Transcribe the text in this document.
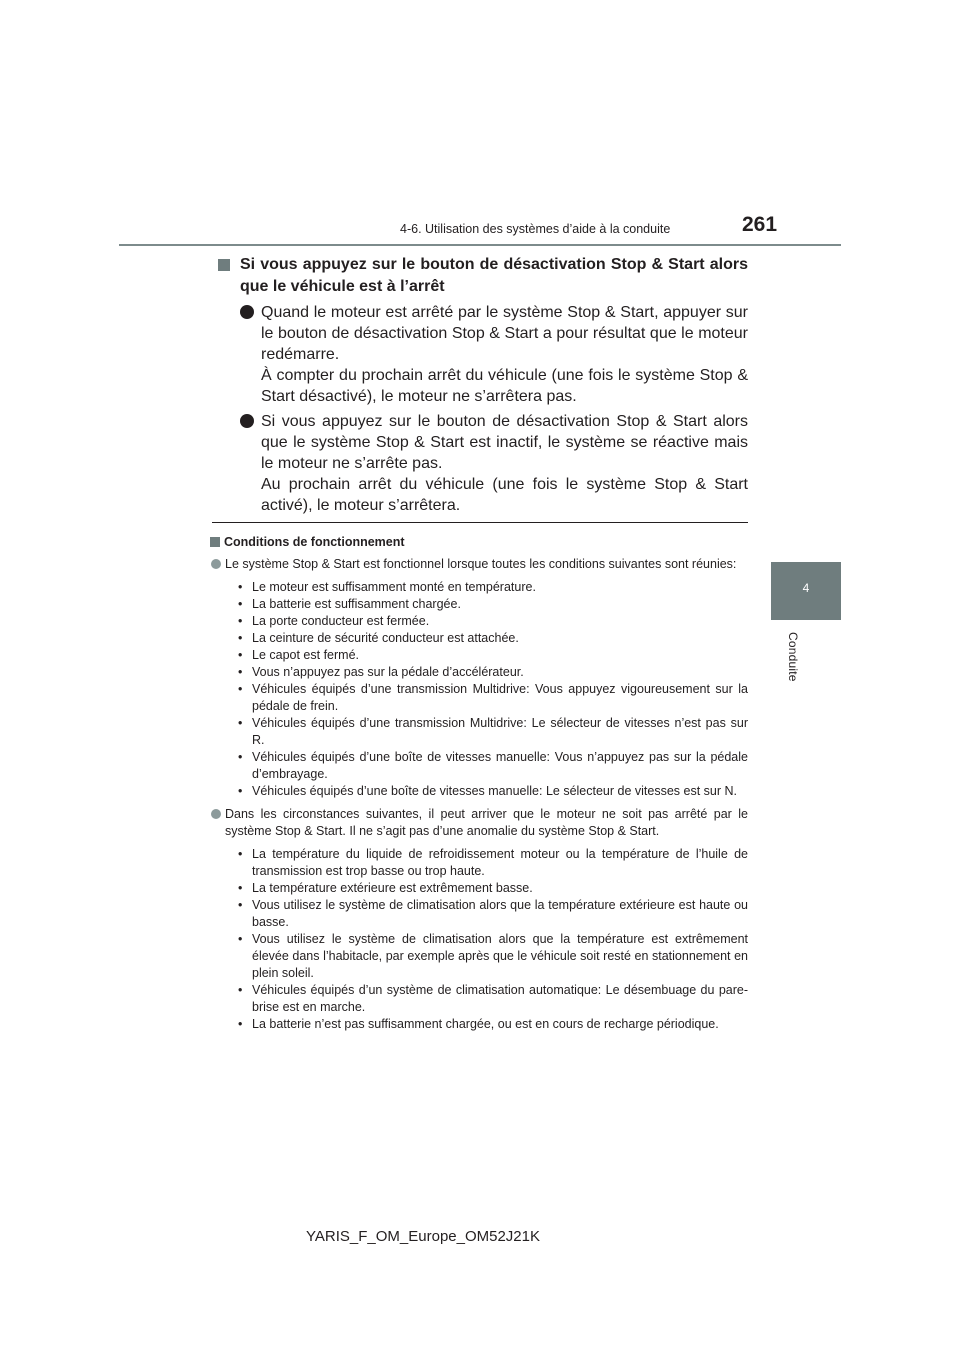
4-6. Utilisation des systèmes d’aide à la conduite	261
4
Conduite
Si vous appuyez sur le bouton de désactivation Stop & Start alors que le véhicule est à l’arrêt

Quand le moteur est arrêté par le système Stop & Start, appuyer sur le bouton de désactivation Stop & Start a pour résultat que le moteur redémarre.

À compter du prochain arrêt du véhicule (une fois le système Stop & Start désactivé), le moteur ne s’arrêtera pas.

Si vous appuyez sur le bouton de désactivation Stop & Start alors que le système Stop & Start est inactif, le système se réactive mais le moteur ne s’arrête pas.

Au prochain arrêt du véhicule (une fois le système Stop & Start activé), le moteur s’arrêtera.

Conditions de fonctionnement
Le système Stop & Start est fonctionnel lorsque toutes les conditions suivantes sont réunies:
• Le moteur est suffisamment monté en température.
• La batterie est suffisamment chargée.
• La porte conducteur est fermée.
• La ceinture de sécurité conducteur est attachée.
• Le capot est fermé.
• Vous n’appuyez pas sur la pédale d’accélérateur.
• Véhicules équipés d’une transmission Multidrive: Vous appuyez vigoureusement sur la pédale de frein.
• Véhicules équipés d’une transmission Multidrive: Le sélecteur de vitesses n’est pas sur R.
• Véhicules équipés d’une boîte de vitesses manuelle: Vous n’appuyez pas sur la pédale d’embrayage.
• Véhicules équipés d’une boîte de vitesses manuelle: Le sélecteur de vitesses est sur N.
Dans les circonstances suivantes, il peut arriver que le moteur ne soit pas arrêté par le système Stop & Start. Il ne s’agit pas d’une anomalie du système Stop & Start.
• La température du liquide de refroidissement moteur ou la température de l’huile de transmission est trop basse ou trop haute.
• La température extérieure est extrêmement basse.
• Vous utilisez le système de climatisation alors que la température extérieure est haute ou basse.
• Vous utilisez le système de climatisation alors que la température est extrêmement élevée dans l’habitacle, par exemple après que le véhicule soit resté en stationnement en plein soleil.
• Véhicules équipés d’un système de climatisation automatique: Le désembuage du pare-brise est en marche.
• La batterie n’est pas suffisamment chargée, ou est en cours de recharge périodique.
YARIS_F_OM_Europe_OM52J21K
